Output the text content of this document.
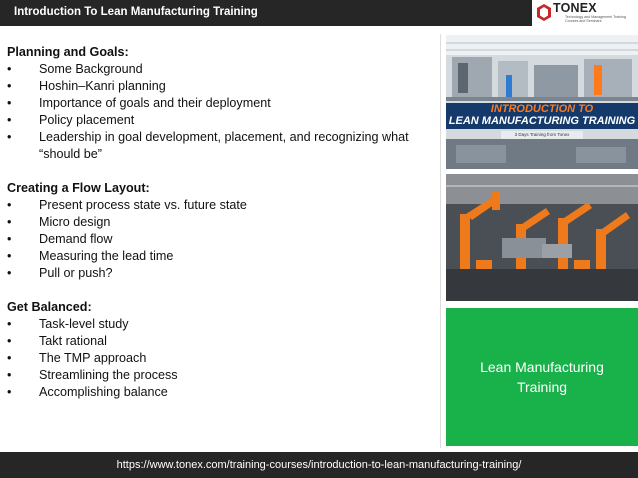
Introduction To Lean Manufacturing Training	TONEX
Technology and Management Training Courses and Seminars
Planning and Goals:
•	Some Background
•	Hoshin–Kanri planning
•	Importance of goals and their deployment
•	Policy placement
•	Leadership in goal development, placement, and recognizing what “should be”
Creating a Flow Layout:
•	Present process state vs. future state
•	Micro design
•	Demand flow
•	Measuring the lead time
•	Pull or push?
Get Balanced:
•	Task-level study
•	Takt rational
•	The TMP approach
•	Streamlining the process
•	Accomplishing balance
INTRODUCTION TO
LEAN MANUFACTURING TRAINING
3 Days Training from Tonex
Lean Manufacturing Training
https://www.tonex.com/training-courses/introduction-to-lean-manufacturing-training/
